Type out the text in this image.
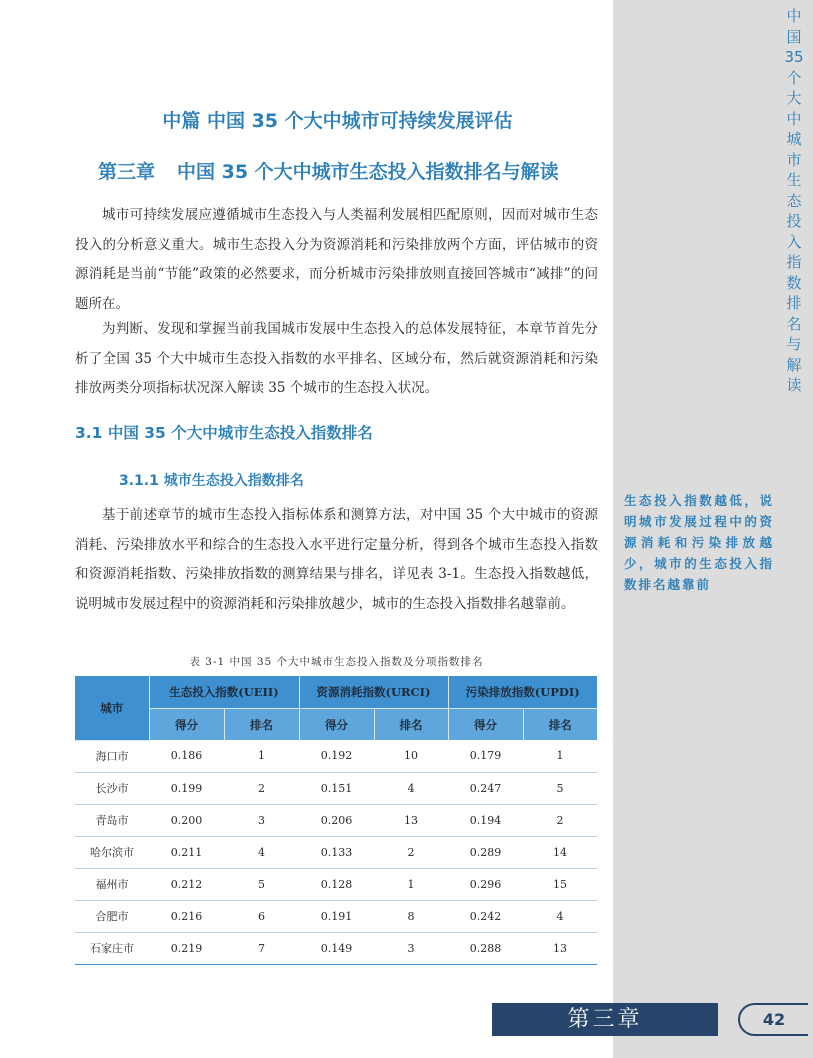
中国35个大中城市生态投入指数排名与解读
中篇 中国 35 个大中城市可持续发展评估
第三章 中国 35 个大中城市生态投入指数排名与解读
城市可持续发展应遵循城市生态投入与人类福利发展相匹配原则，因而对城市生态投入的分析意义重大。城市生态投入分为资源消耗和污染排放两个方面，评估城市的资源消耗是当前“节能”政策的必然要求，而分析城市污染排放则直接回答城市“减排”的问题所在。
为判断、发现和掌握当前我国城市发展中生态投入的总体发展特征，本章节首先分析了全国 35 个大中城市生态投入指数的水平排名、区域分布，然后就资源消耗和污染排放两类分项指标状况深入解读 35 个城市的生态投入状况。
3.1 中国 35 个大中城市生态投入指数排名
3.1.1 城市生态投入指数排名
基于前述章节的城市生态投入指标体系和测算方法，对中国 35 个大中城市的资源消耗、污染排放水平和综合的生态投入水平进行定量分析，得到各个城市生态投入指数和资源消耗指数、污染排放指数的测算结果与排名，详见表 3-1。生态投入指数越低，说明城市发展过程中的资源消耗和污染排放越少，城市的生态投入指数排名越靠前。
生态投入指数越低，说明城市发展过程中的资源消耗和污染排放越少，城市的生态投入指数排名越靠前
表 3-1 中国 35 个大中城市生态投入指数及分项指数排名
城市	生态投入指数(UEII)		资源消耗指数(URCI)		污染排放指数(UPDI)	
	得分	排名	得分	排名	得分	排名
海口市	0.186	1	0.192	10	0.179	1
长沙市	0.199	2	0.151	4	0.247	5
青岛市	0.200	3	0.206	13	0.194	2
哈尔滨市	0.211	4	0.133	2	0.289	14
福州市	0.212	5	0.128	1	0.296	15
合肥市	0.216	6	0.191	8	0.242	4
石家庄市	0.219	7	0.149	3	0.288	13
第三章	42
